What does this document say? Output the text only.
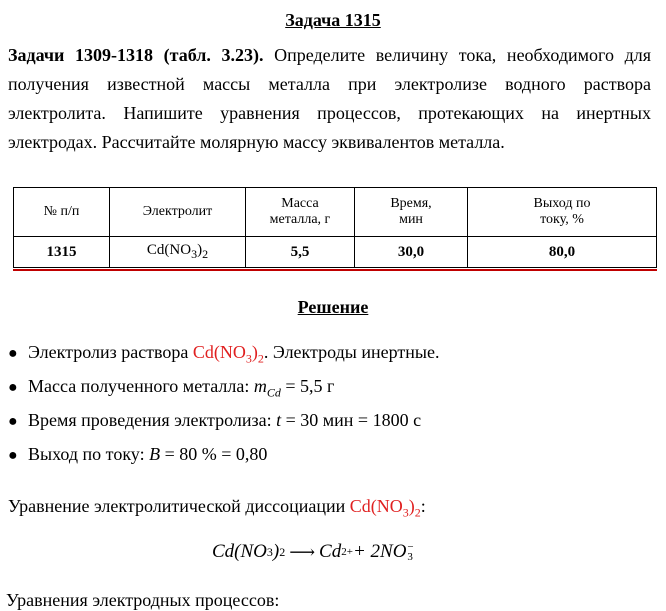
Задача 1315
Задачи 1309-1318 (табл. 3.23). Определите величину тока, необходимого для получения известной массы металла при электролизе водного раствора электролита. Напишите уравнения процессов, протекающих на инертных электродах. Рассчитайте молярную массу эквивалентов металла.
№ п/п	Электролит	Масса металла, г	Время, мин	Выход по току, %
1315	$Cd(NO_3)_2$	5,5	30,0	80,0
Решение
● Электролиз раствора $Cd(NO_3)_2$. Электроды инертные.
● Масса полученного металла: $m_{Cd} = 5,5$ г
● Время проведения электролиза: t = 30 мин = 1800 с
● Выход по току: B = 80 % = 0,80
Уравнение электролитической диссоциации $Cd(NO_3)_2$:
Cd(NO 3 ) 2 ⟶ Cd 2+ + 2NO −
3
Уравнения электродных процессов:
